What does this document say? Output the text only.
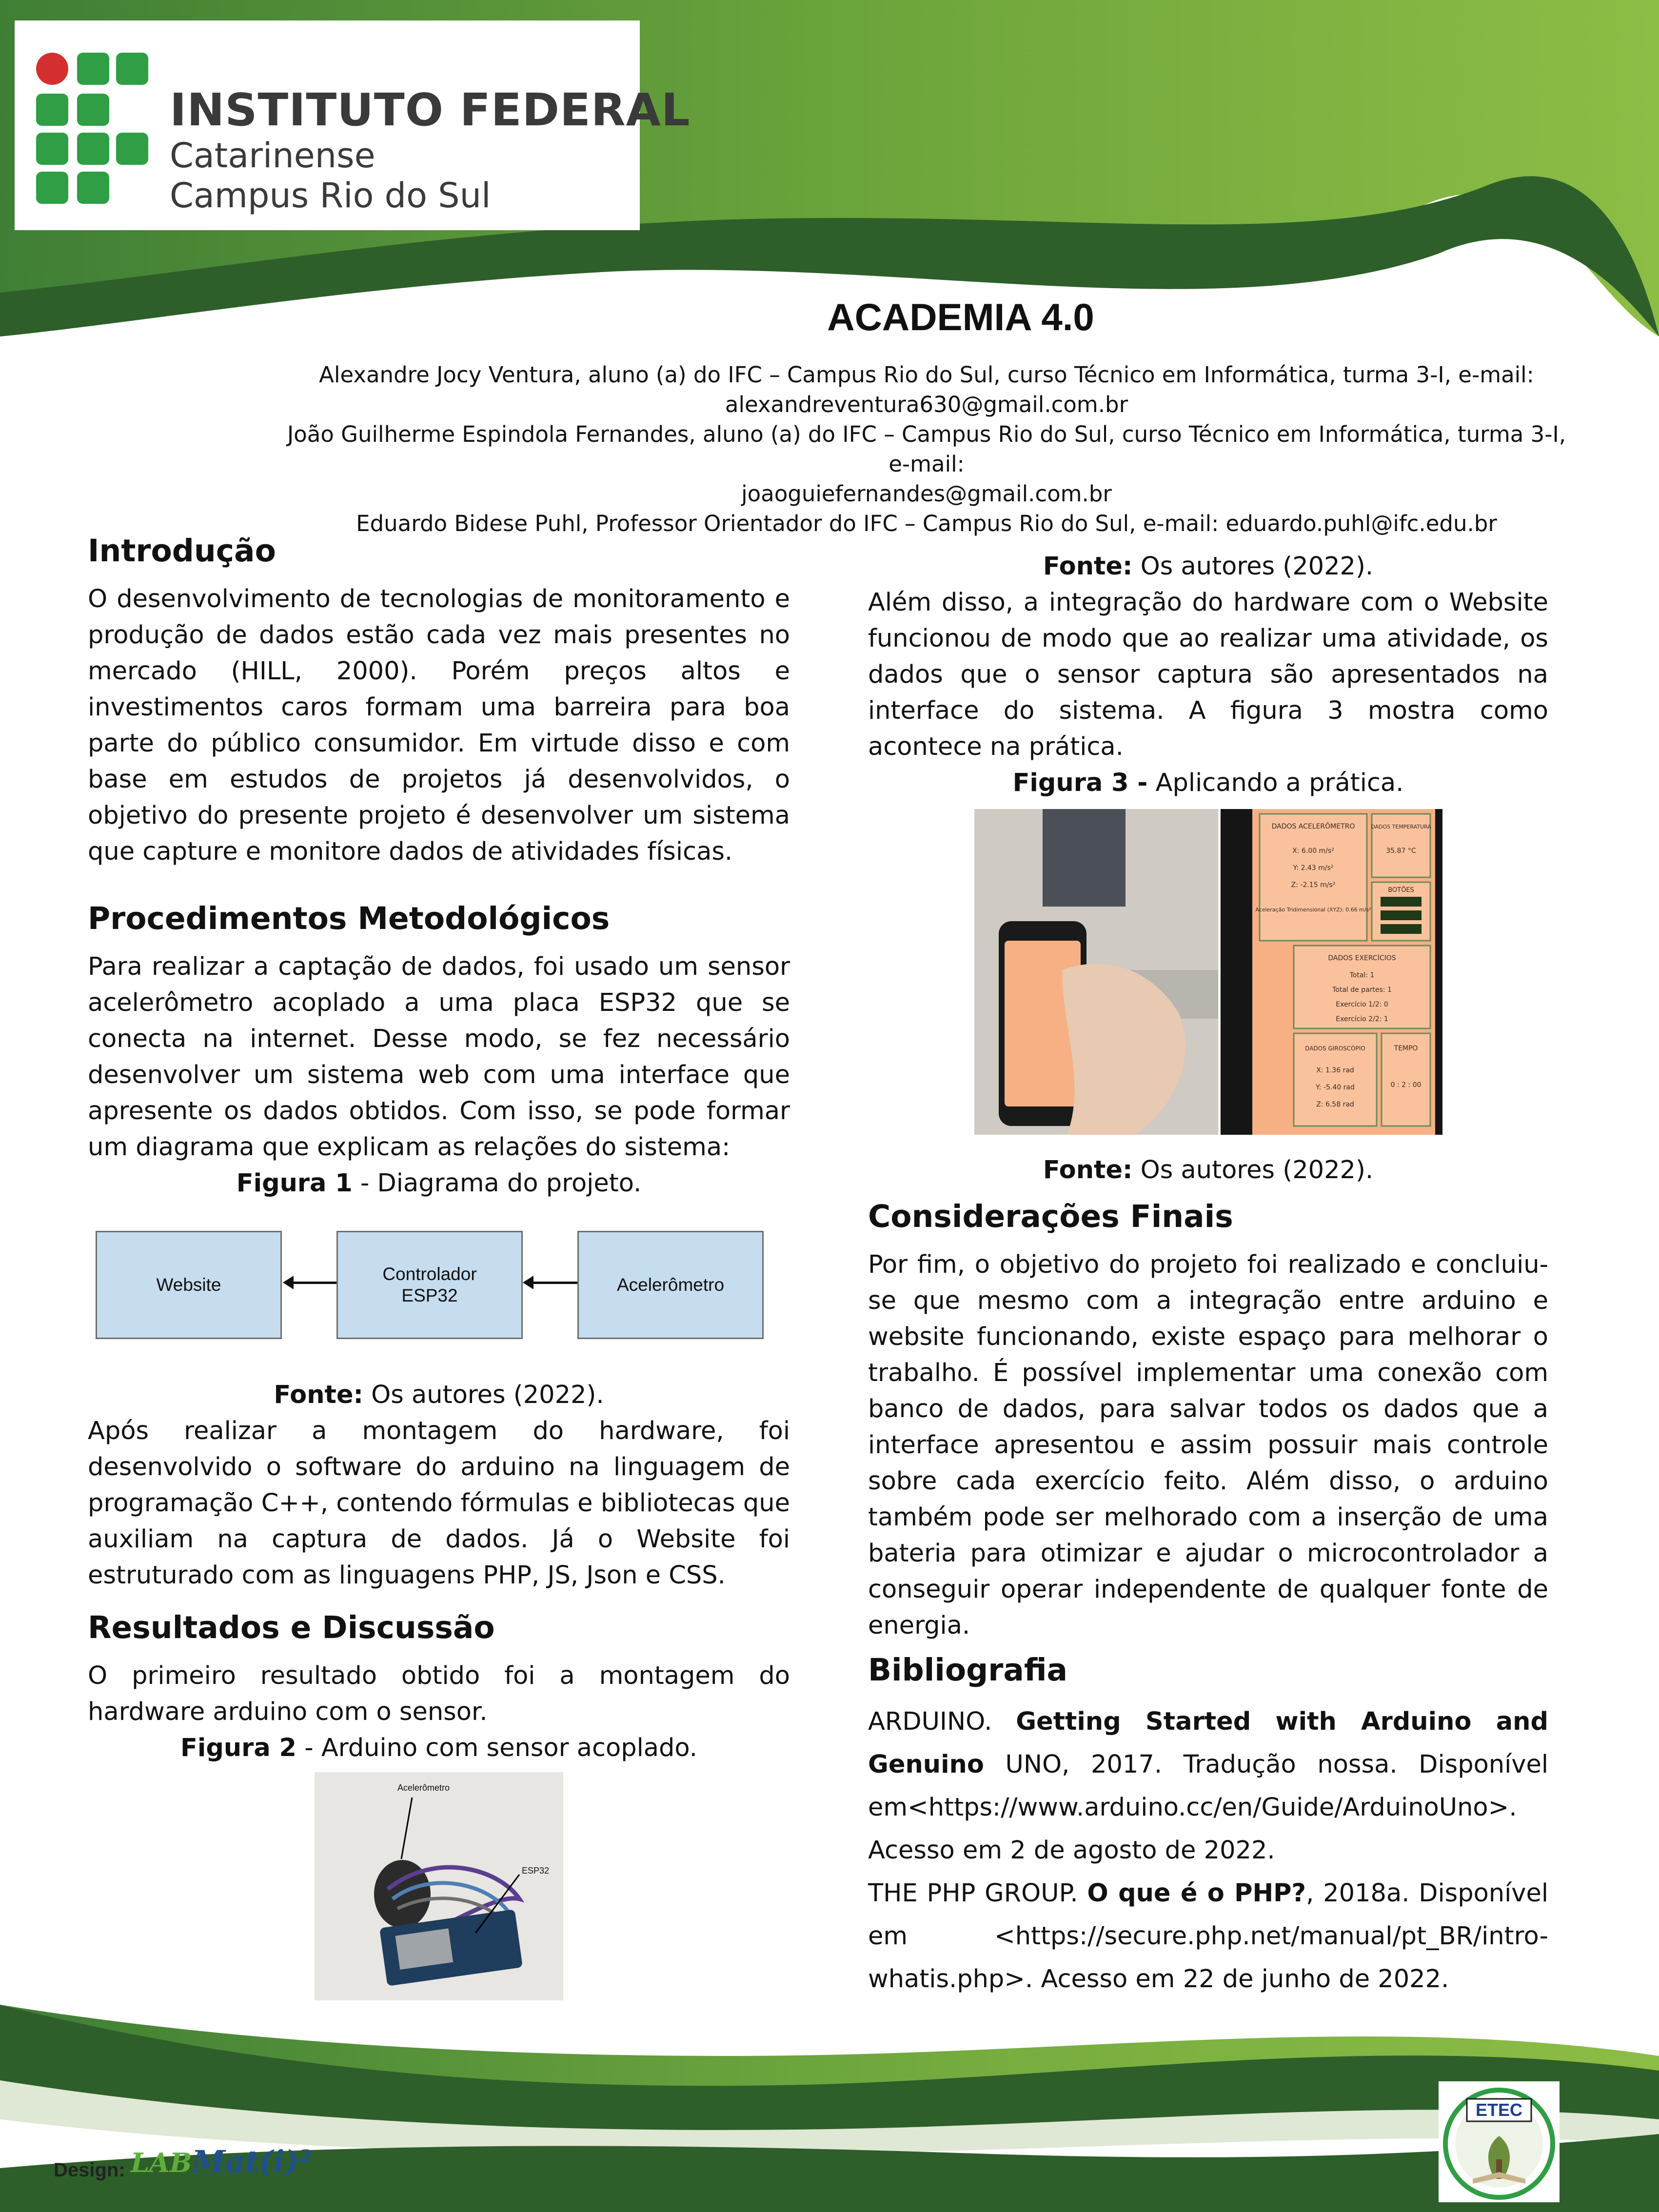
INSTITUTO FEDERAL
Catarinense
Campus Rio do Sul
ACADEMIA 4.0
Alexandre Jocy Ventura, aluno (a) do IFC – Campus Rio do Sul, curso Técnico em Informática, turma 3-I, e-mail:
alexandreventura630@gmail.com.br
João Guilherme Espindola Fernandes, aluno (a) do IFC – Campus Rio do Sul, curso Técnico em Informática, turma 3-I, e-mail:
joaoguiefernandes@gmail.com.br
Eduardo Bidese Puhl, Professor Orientador do IFC – Campus Rio do Sul, e-mail: eduardo.puhl@ifc.edu.br
Introdução

O desenvolvimento de tecnologias de monitoramento e produção de dados estão cada vez mais presentes no mercado (HILL, 2000). Porém preços altos e investimentos caros formam uma barreira para boa parte do público consumidor. Em virtude disso e com base em estudos de projetos já desenvolvidos, o objetivo do presente projeto é desenvolver um sistema que capture e monitore dados de atividades físicas.

Procedimentos Metodológicos

Para realizar a captação de dados, foi usado um sensor acelerômetro acoplado a uma placa ESP32 que se conecta na internet. Desse modo, se fez necessário desenvolver um sistema web com uma interface que apresente os dados obtidos. Com isso, se pode formar um diagrama que explicam as relações do sistema:

Figura 1 - Diagrama do projeto.

Website
Controlador
ESP32
Acelerômetro

Fonte: Os autores (2022).

Após realizar a montagem do hardware, foi desenvolvido o software do arduino na linguagem de programação C++, contendo fórmulas e bibliotecas que auxiliam na captura de dados. Já o Website foi estruturado com as linguagens PHP, JS, Json e CSS.

Resultados e Discussão

O primeiro resultado obtido foi a montagem do hardware arduino com o sensor.

Figura 2 - Arduino com sensor acoplado.

Acelerômetro
ESP32

Fonte: Os autores (2022).

Além disso, a integração do hardware com o Website funcionou de modo que ao realizar uma atividade, os dados que o sensor captura são apresentados na interface do sistema. A figura 3 mostra como acontece na prática.

Figura 3 - Aplicando a prática.

DADOS ACELERÔMETRO
X: 6.00 m/s²
Y: 2.43 m/s²
Z: -2.15 m/s²
Aceleração Tridimensional (XYZ): 0.66 m/s²
DADOS TEMPERATURA
35.87 °C
BOTÕES
DADOS EXERCÍCIOS
Total: 1
Total de partes: 1
Exercício 1/2: 0
Exercício 2/2: 1
DADOS GIROSCÓPIO
X: 1.36 rad
Y: -5.40 rad
Z: 6.58 rad
TEMPO
0 : 2 : 00

Fonte: Os autores (2022).

Considerações Finais

Por fim, o objetivo do projeto foi realizado e concluiu-se que mesmo com a integração entre arduino e website funcionando, existe espaço para melhorar o trabalho. É possível implementar uma conexão com banco de dados, para salvar todos os dados que a interface apresentou e assim possuir mais controle sobre cada exercício feito. Além disso, o arduino também pode ser melhorado com a inserção de uma bateria para otimizar e ajudar o microcontrolador a conseguir operar independente de qualquer fonte de energia.

Bibliografia

ARDUINO. Getting Started with Arduino and Genuino UNO, 2017. Tradução nossa. Disponível em<https://www.arduino.cc/en/Guide/ArduinoUno>. Acesso em 2 de agosto de 2022.

THE PHP GROUP. O que é o PHP?, 2018a. Disponível em <https://secure.php.net/manual/pt_BR/intro-whatis.php>. Acesso em 22 de junho de 2022.

Design: LABMat(i)²
ETEC
